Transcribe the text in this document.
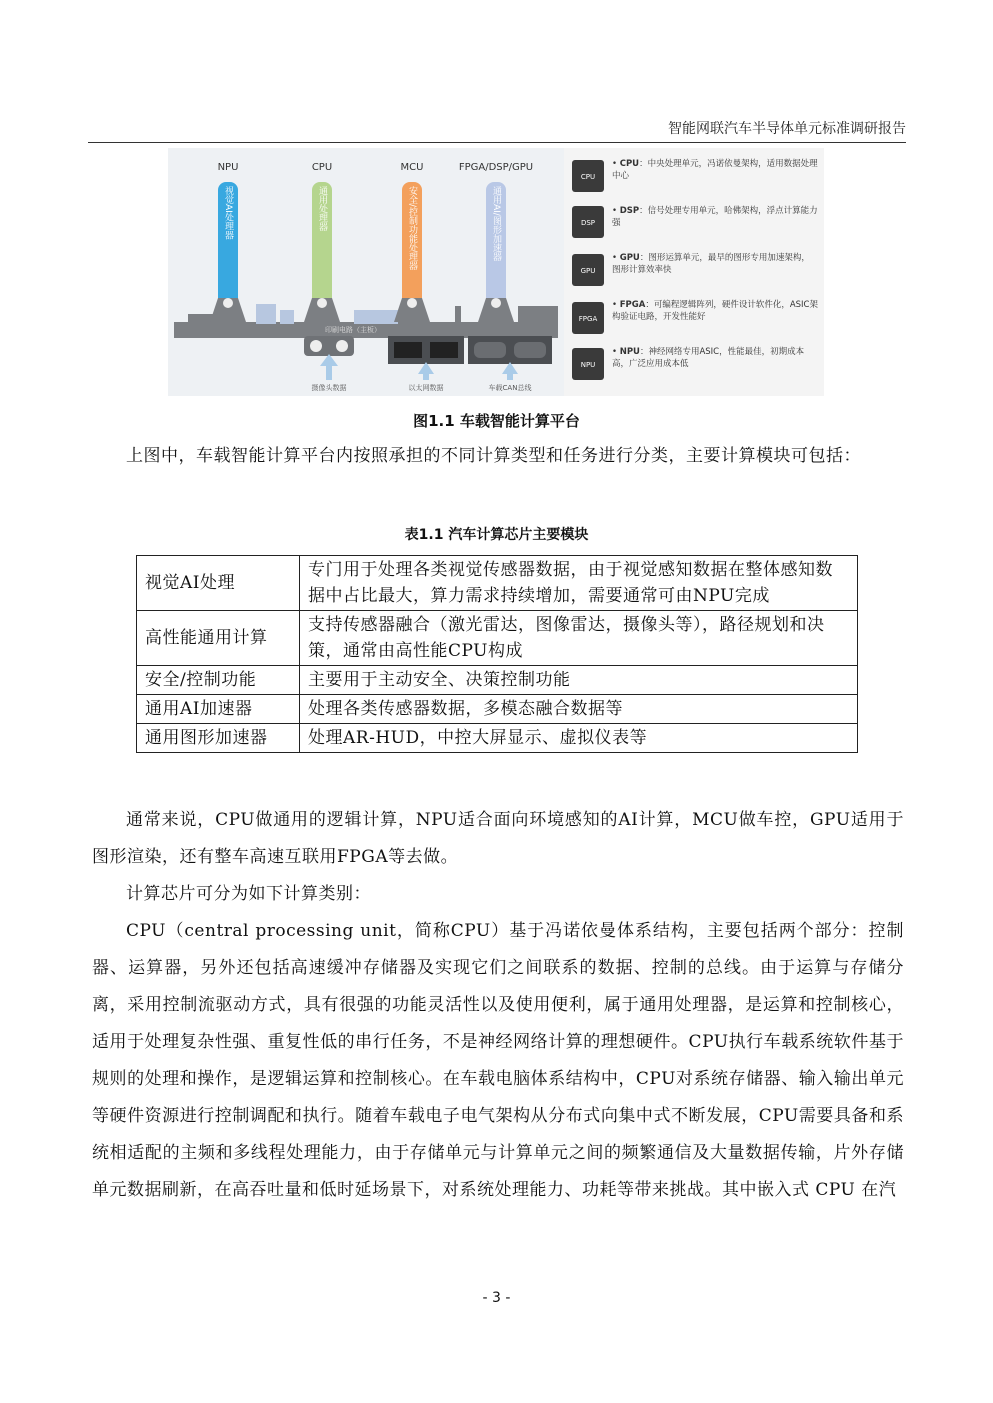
智能网联汽车半导体单元标准调研报告
印刷电路（主板）
NPU	CPU	MCU	FPGA/DSP/GPU
视觉AI处理器	通用处理器	安全/控制功能处理器	通用AI/图形加速器
摄像头数据	以太网数据	车载CAN总线
CPU
DSP
GPU
FPGA
NPU
• CPU：中央处理单元，冯诺依曼架构，适用数据处理中心
• DSP：信号处理专用单元，哈佛架构，浮点计算能力强
• GPU：图形运算单元，最早的图形专用加速架构，图形计算效率快
• FPGA：可编程逻辑阵列，硬件设计软件化，ASIC架构验证电路，开发性能好
• NPU：神经网络专用ASIC，性能最佳，初期成本高，广泛应用成本低
图1.1 车载智能计算平台

上图中，车载智能计算平台内按照承担的不同计算类型和任务进行分类，主要计算模块可包括：

表1.1 汽车计算芯片主要模块
视觉AI处理	专门用于处理各类视觉传感器数据，由于视觉感知数据在整体感知数据中占比最大，算力需求持续增加，需要通常可由NPU完成
高性能通用计算	支持传感器融合（激光雷达，图像雷达，摄像头等），路径规划和决策，通常由高性能CPU构成
安全/控制功能	主要用于主动安全、决策控制功能
通用AI加速器	处理各类传感器数据，多模态融合数据等
通用图形加速器	处理AR-HUD，中控大屏显示、虚拟仪表等

通常来说，CPU做通用的逻辑计算，NPU适合面向环境感知的AI计算，MCU做车控，GPU适用于图形渲染，还有整车高速互联用FPGA等去做。

计算芯片可分为如下计算类别：

CPU（central processing unit，简称CPU）基于冯诺依曼体系结构，主要包括两个部分：控制器、运算器，另外还包括高速缓冲存储器及实现它们之间联系的数据、控制的总线。由于运算与存储分离，采用控制流驱动方式，具有很强的功能灵活性以及使用便利，属于通用处理器，是运算和控制核心，适用于处理复杂性强、重复性低的串行任务，不是神经网络计算的理想硬件。CPU执行车载系统软件基于规则的处理和操作，是逻辑运算和控制核心。在车载电脑体系结构中，CPU对系统存储器、输入输出单元等硬件资源进行控制调配和执行。随着车载电子电气架构从分布式向集中式不断发展，CPU需要具备和系统相适配的主频和多线程处理能力，由于存储单元与计算单元之间的频繁通信及大量数据传输，片外存储单元数据刷新，在高吞吐量和低时延场景下，对系统处理能力、功耗等带来挑战。其中嵌入式 CPU 在汽

- 3 -
